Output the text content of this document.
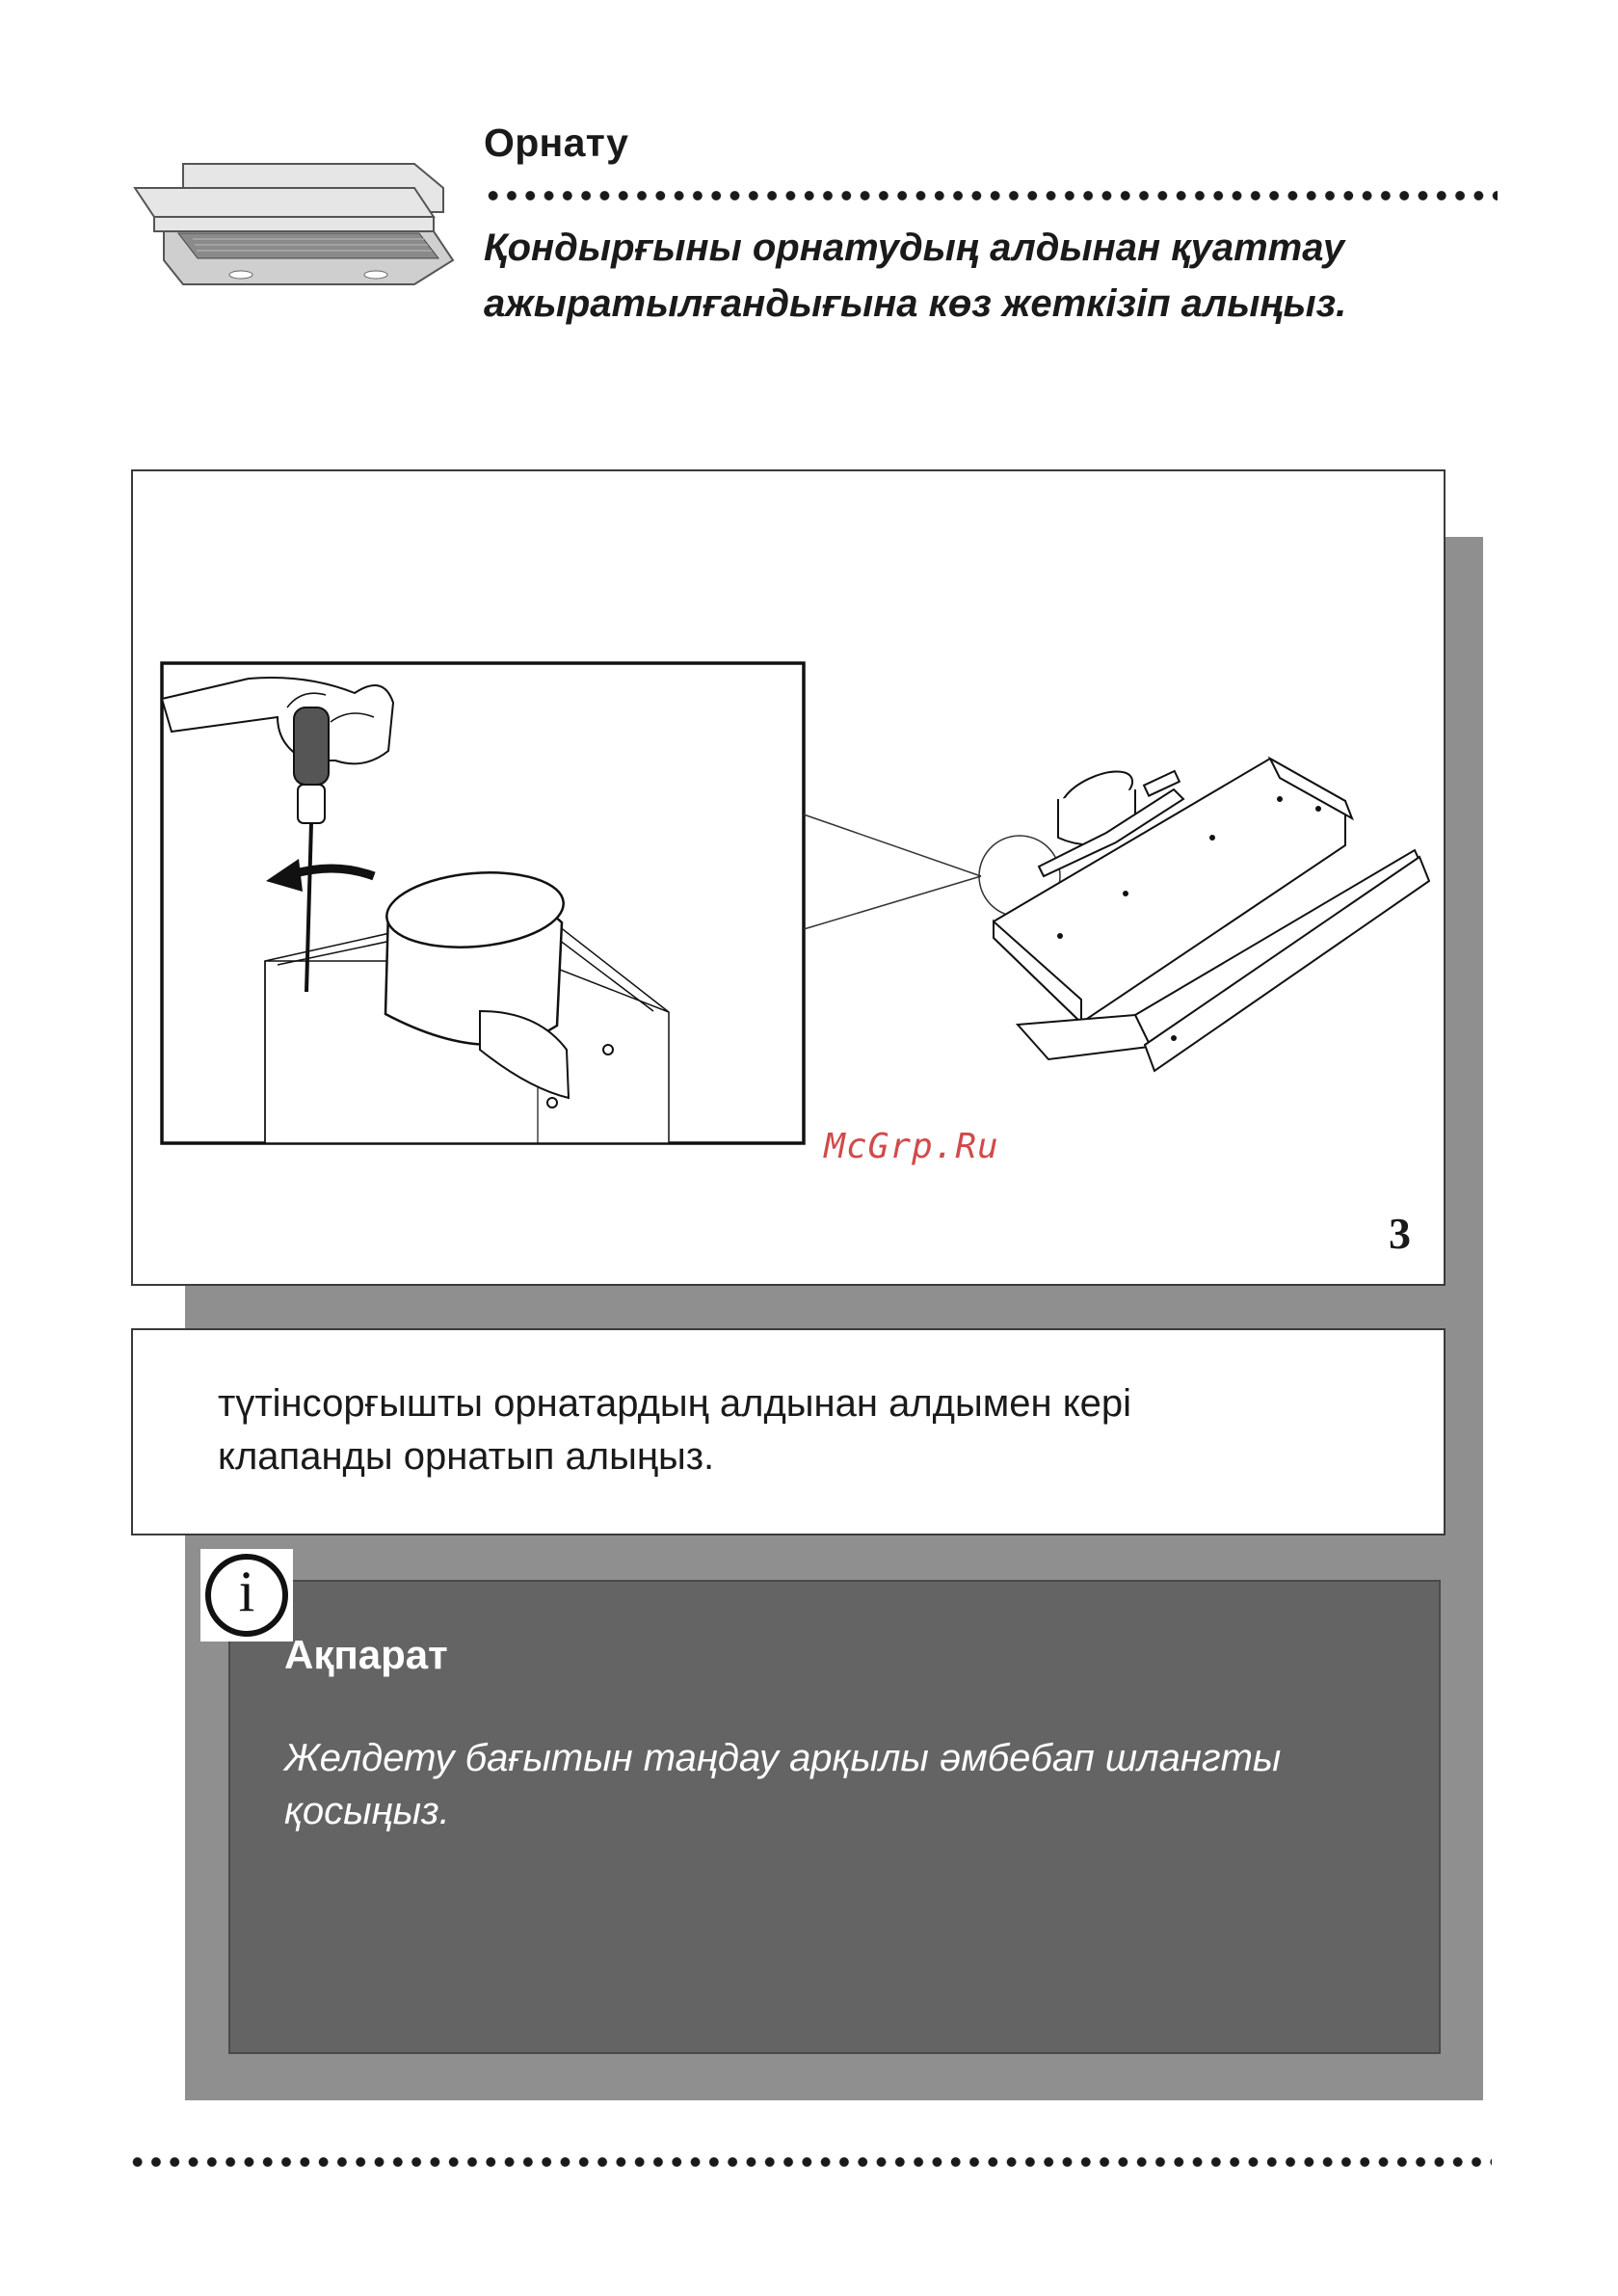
Орнату
Қондырғыны орнатудың алдынан қуаттау
ажыратылғандығына көз жеткізіп алыңыз.
McGrp.Ru
3

түтінсорғышты орнатардың алдынан алдымен кері
клапанды орнатып алыңыз.

i
Ақпарат
Желдету бағытын таңдау арқылы әмбебап шлангты
қосыңыз.
